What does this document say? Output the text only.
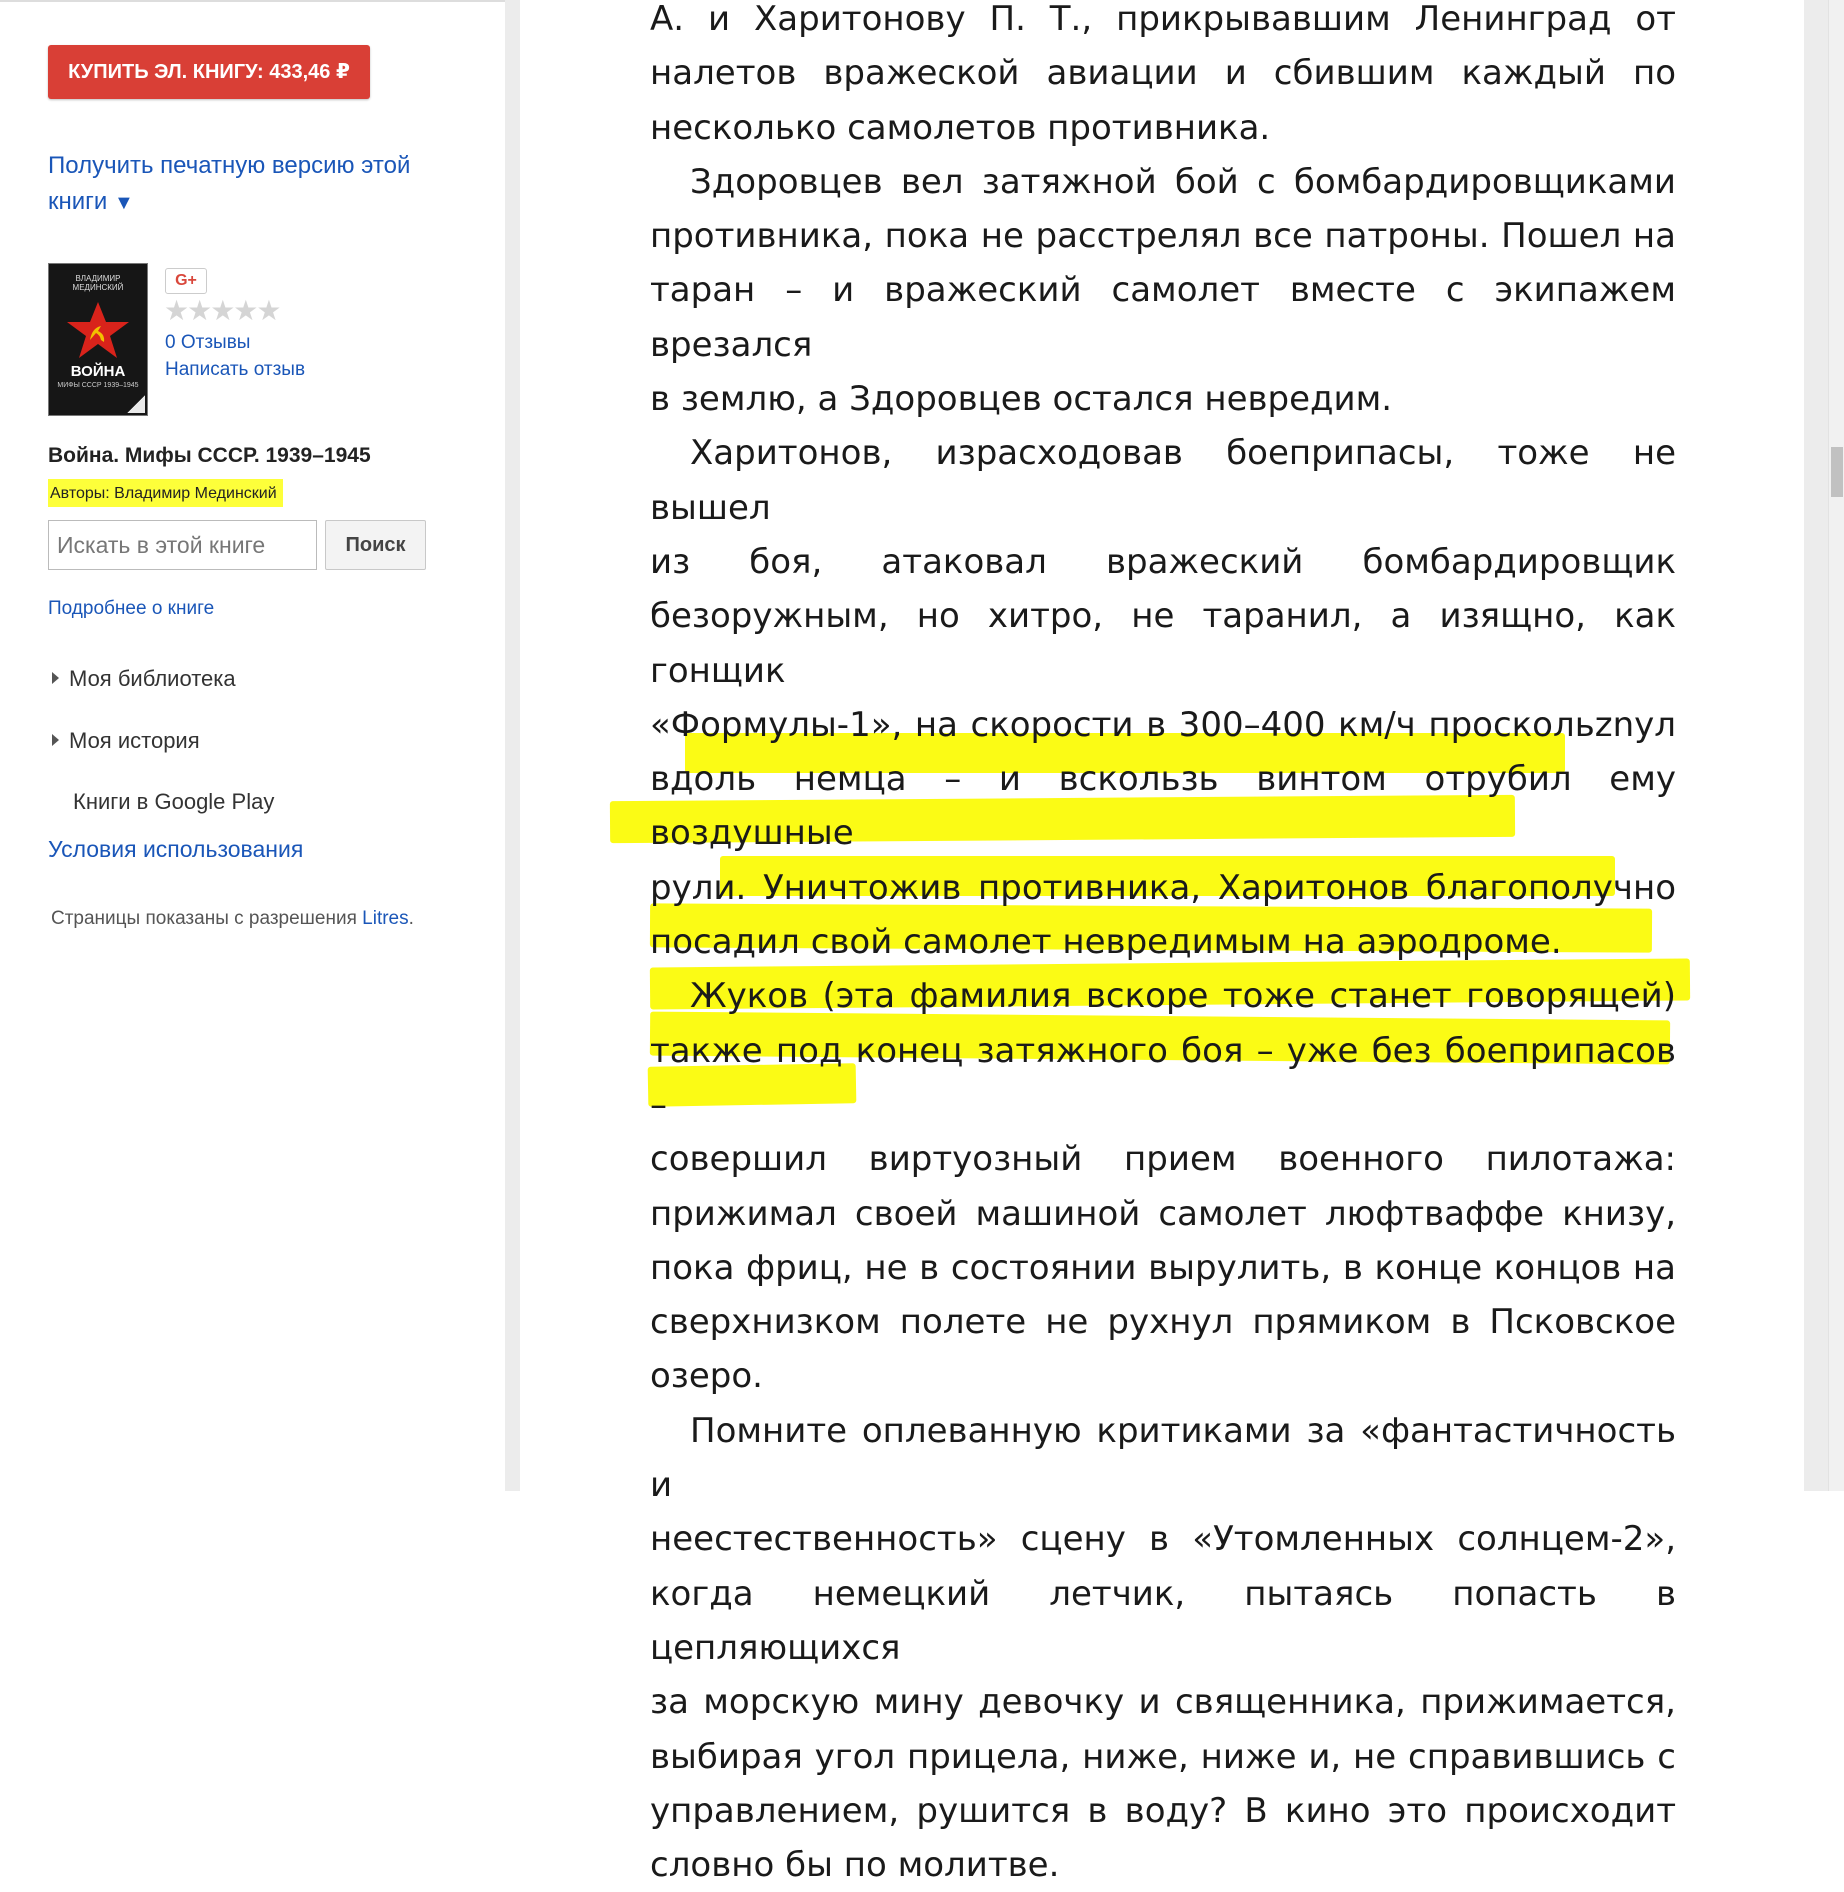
КУПИТЬ ЭЛ. КНИГУ: 433,46 ₽
Получить печатную версию этой
книги ▼
ВЛАДИМИР МЕДИНСКИЙ
ВОЙНА
МИФЫ СССР 1939–1945
G+
★★★★★
0 Отзывы
Написать отзыв
Война. Мифы СССР. 1939–1945
Авторы: Владимир Мединский
Искать в этой книге
Поиск
Подробнее о книге
Моя библиотека
Моя история
Книги в Google Play
Условия использования
Страницы показаны с разрешения Litres.
А. и Харитонову П. Т., прикрывавшим Ленинград от
налетов вражеской авиации и сбившим каждый по
несколько самолетов противника.
Здоровцев вел затяжной бой с бомбардировщиками
противника, пока не расстрелял все патроны. Пошел на
таран – и вражеский самолет вместе с экипажем врезался
в землю, а Здоровцев остался невредим.
Харитонов, израсходовав боеприпасы, тоже не вышел
из боя, атаковал вражеский бомбардировщик
безоружным, но хитро, не таранил, а изящно, как гонщик
«Формулы-1», на скорости в 300–400 км/ч проскольznул
вдоль немца – и вскользь винтом отрубил ему воздушные
рули. Уничтожив противника, Харитонов благополучно
посадил свой самолет невредимым на аэродроме.
Жуков (эта фамилия вскоре тоже станет говорящей)
также под конец затяжного боя – уже без боеприпасов –
совершил виртуозный прием военного пилотажа:
прижимал своей машиной самолет люфтваффе книзу,
пока фриц, не в состоянии вырулить, в конце концов на
сверхнизком полете не рухнул прямиком в Псковское
озеро.
Помните оплеванную критиками за «фантастичность и
неестественность» сцену в «Утомленных солнцем-2»,
когда немецкий летчик, пытаясь попасть в цепляющихся
за морскую мину девочку и священника, прижимается,
выбирая угол прицела, ниже, ниже и, не справившись с
управлением, рушится в воду? В кино это происходит
словно бы по молитве.
